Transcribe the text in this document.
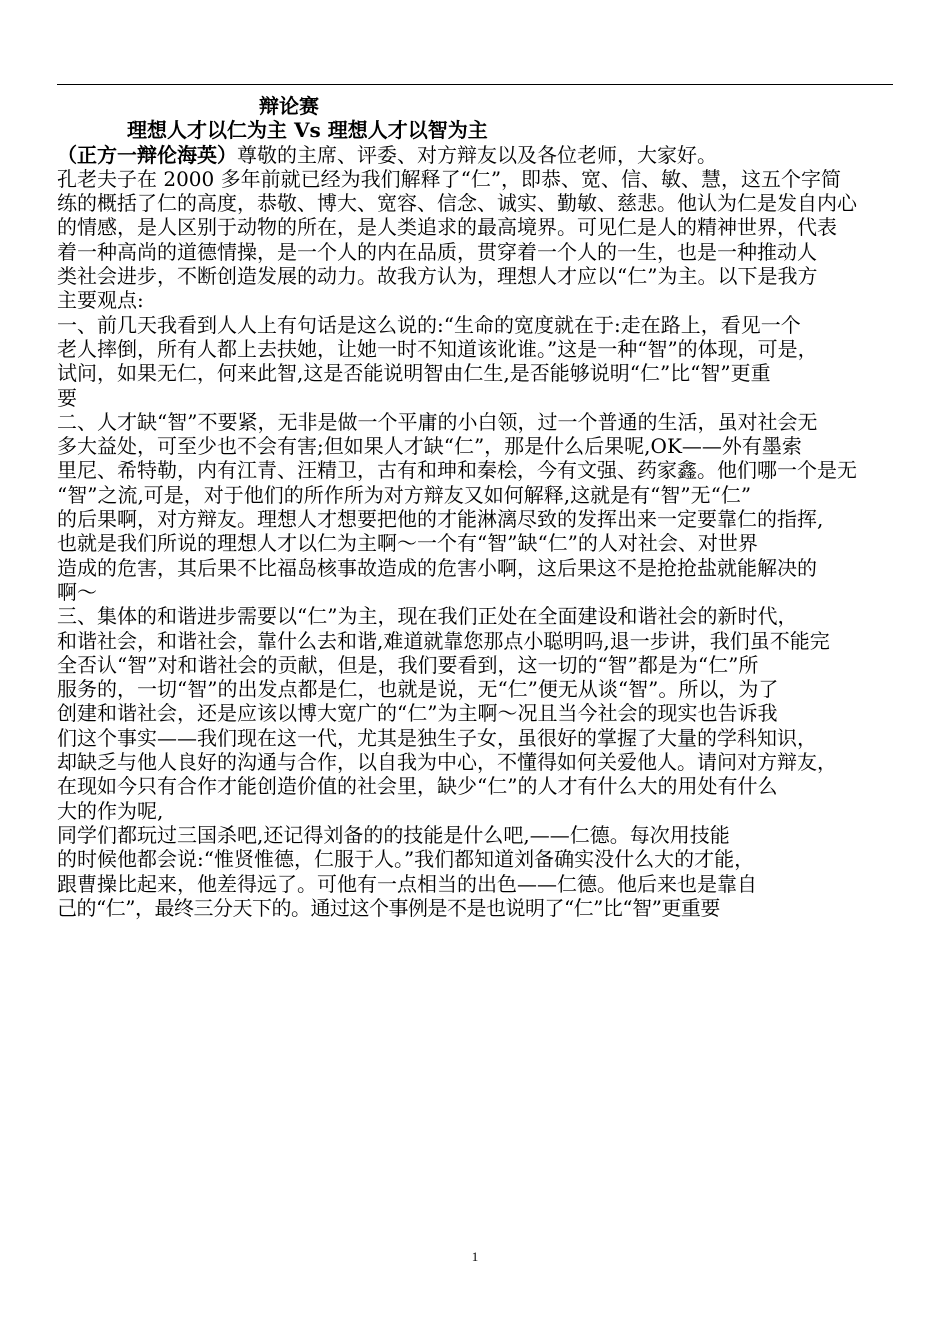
辩论赛
理想人才以仁为主 Vs 理想人才以智为主
（正方一辩伦海英）尊敬的主席、评委、对方辩友以及各位老师，大家好。
孔老夫子在 2000 多年前就已经为我们解释了“仁”，即恭、宽、信、敏、慧，这五个字简
练的概括了仁的高度，恭敬、博大、宽容、信念、诚实、勤敏、慈悲。他认为仁是发自内心
的情感，是人区别于动物的所在，是人类追求的最高境界。可见仁是人的精神世界，代表
着一种高尚的道德情操，是一个人的内在品质，贯穿着一个人的一生，也是一种推动人
类社会进步，不断创造发展的动力。故我方认为，理想人才应以“仁”为主。以下是我方
主要观点:
一、前几天我看到人人上有句话是这么说的:“生命的宽度就在于:走在路上，看见一个
老人摔倒，所有人都上去扶她，让她一时不知道该讹谁。”这是一种“智”的体现，可是，
试问，如果无仁，何来此智,这是否能说明智由仁生,是否能够说明“仁”比“智”更重
要
二、人才缺“智”不要紧，无非是做一个平庸的小白领，过一个普通的生活，虽对社会无
多大益处，可至少也不会有害;但如果人才缺“仁”，那是什么后果呢,OK——外有墨索
里尼、希特勒，内有江青、汪精卫，古有和珅和秦桧，今有文强、药家鑫。他们哪一个是无
“智”之流,可是，对于他们的所作所为对方辩友又如何解释,这就是有“智”无“仁”
的后果啊，对方辩友。理想人才想要把他的才能淋漓尽致的发挥出来一定要靠仁的指挥,
也就是我们所说的理想人才以仁为主啊～一个有“智”缺“仁”的人对社会、对世界
造成的危害，其后果不比福岛核事故造成的危害小啊，这后果这不是抢抢盐就能解决的
啊～
三、集体的和谐进步需要以“仁”为主，现在我们正处在全面建设和谐社会的新时代，
和谐社会，和谐社会，靠什么去和谐,难道就靠您那点小聪明吗,退一步讲，我们虽不能完
全否认“智”对和谐社会的贡献，但是，我们要看到，这一切的“智”都是为“仁”所
服务的，一切“智”的出发点都是仁，也就是说，无“仁”便无从谈“智”。所以，为了
创建和谐社会，还是应该以博大宽广的“仁”为主啊～况且当今社会的现实也告诉我
们这个事实——我们现在这一代，尤其是独生子女，虽很好的掌握了大量的学科知识，
却缺乏与他人良好的沟通与合作，以自我为中心，不懂得如何关爱他人。请问对方辩友，
在现如今只有合作才能创造价值的社会里，缺少“仁”的人才有什么大的用处有什么
大的作为呢,
同学们都玩过三国杀吧,还记得刘备的的技能是什么吧,——仁德。每次用技能
的时候他都会说:“惟贤惟德，仁服于人。”我们都知道刘备确实没什么大的才能，
跟曹操比起来，他差得远了。可他有一点相当的出色——仁德。他后来也是靠自
己的“仁”，最终三分天下的。通过这个事例是不是也说明了“仁”比“智”更重要
1
